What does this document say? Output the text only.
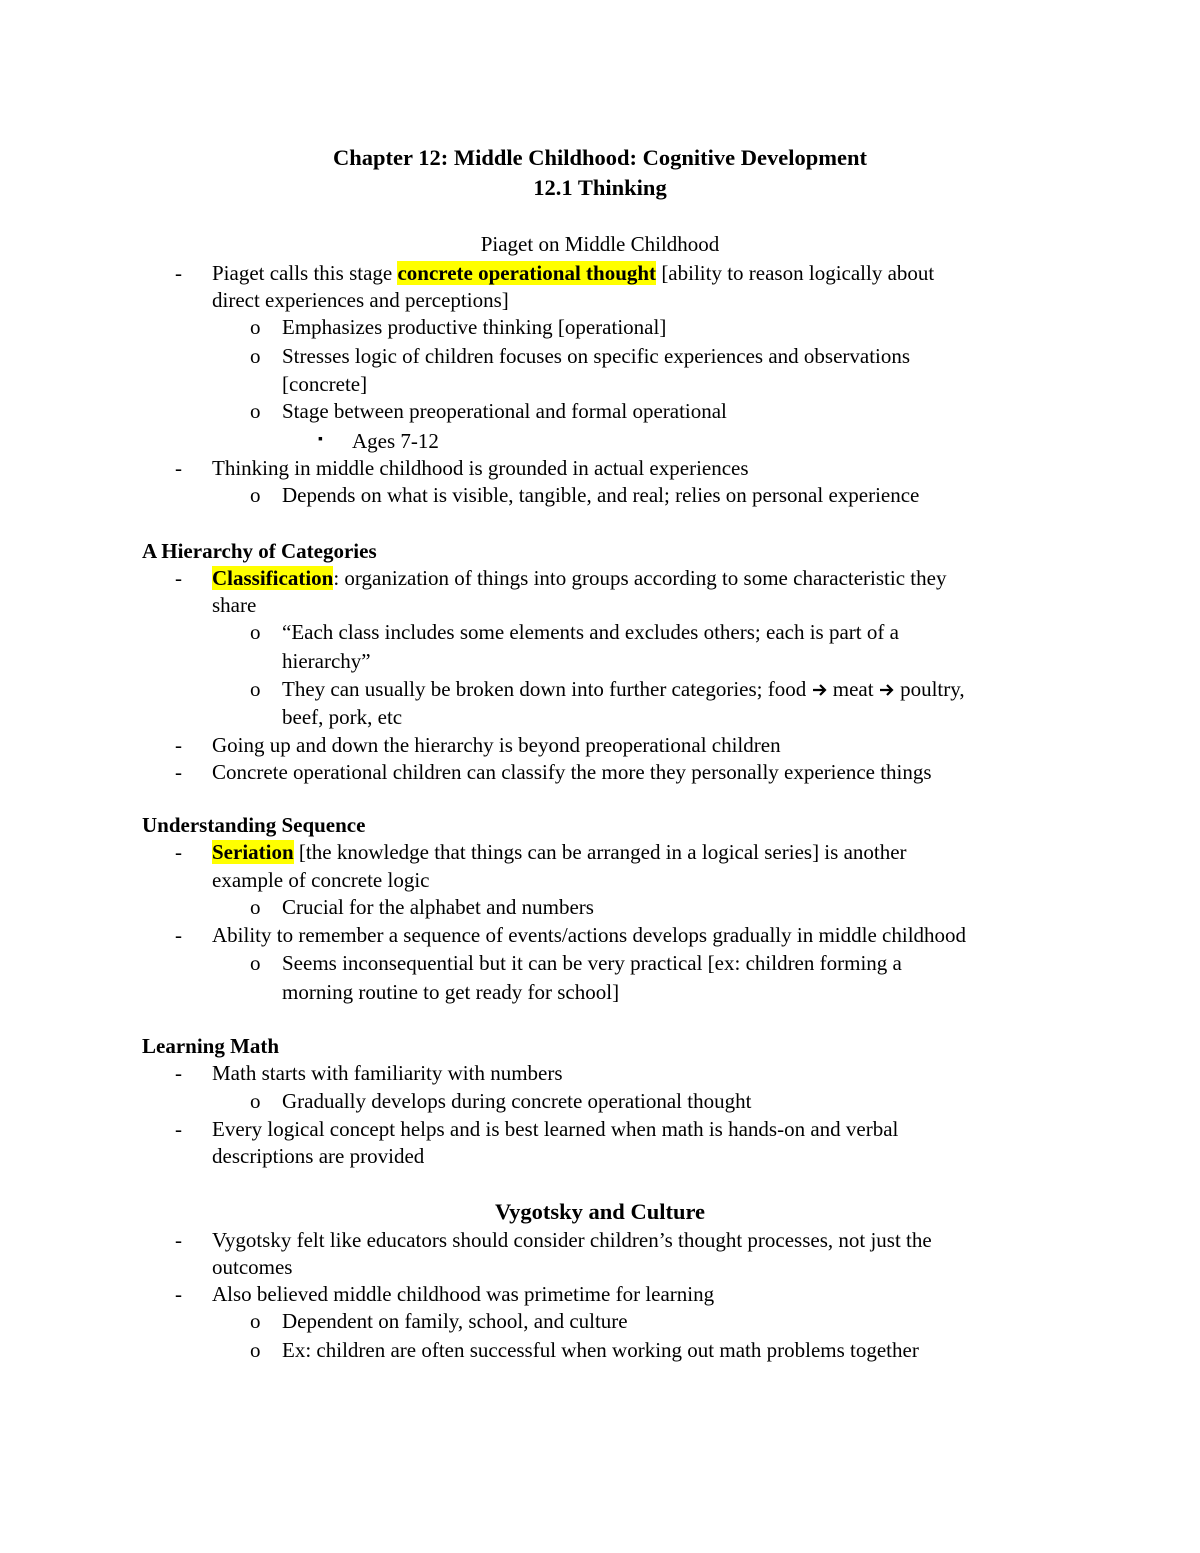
Chapter 12: Middle Childhood: Cognitive Development
12.1 Thinking
Piaget on Middle Childhood
- Piaget calls this stage concrete operational thought [ability to reason logically about
direct experiences and perceptions]
o Emphasizes productive thinking [operational]
o Stresses logic of children focuses on specific experiences and observations
[concrete]
o Stage between preoperational and formal operational
▪ Ages 7-12
- Thinking in middle childhood is grounded in actual experiences
o Depends on what is visible, tangible, and real; relies on personal experience
A Hierarchy of Categories
- Classification: organization of things into groups according to some characteristic they
share
o “Each class includes some elements and excludes others; each is part of a
hierarchy”
o They can usually be broken down into further categories; food  meat  poultry,
beef, pork, etc
- Going up and down the hierarchy is beyond preoperational children
- Concrete operational children can classify the more they personally experience things
Understanding Sequence
- Seriation [the knowledge that things can be arranged in a logical series] is another
example of concrete logic
o Crucial for the alphabet and numbers
- Ability to remember a sequence of events/actions develops gradually in middle childhood
o Seems inconsequential but it can be very practical [ex: children forming a
morning routine to get ready for school]
Learning Math
- Math starts with familiarity with numbers
o Gradually develops during concrete operational thought
- Every logical concept helps and is best learned when math is hands-on and verbal
descriptions are provided
Vygotsky and Culture
- Vygotsky felt like educators should consider children’s thought processes, not just the
outcomes
- Also believed middle childhood was primetime for learning
o Dependent on family, school, and culture
o Ex: children are often successful when working out math problems together
